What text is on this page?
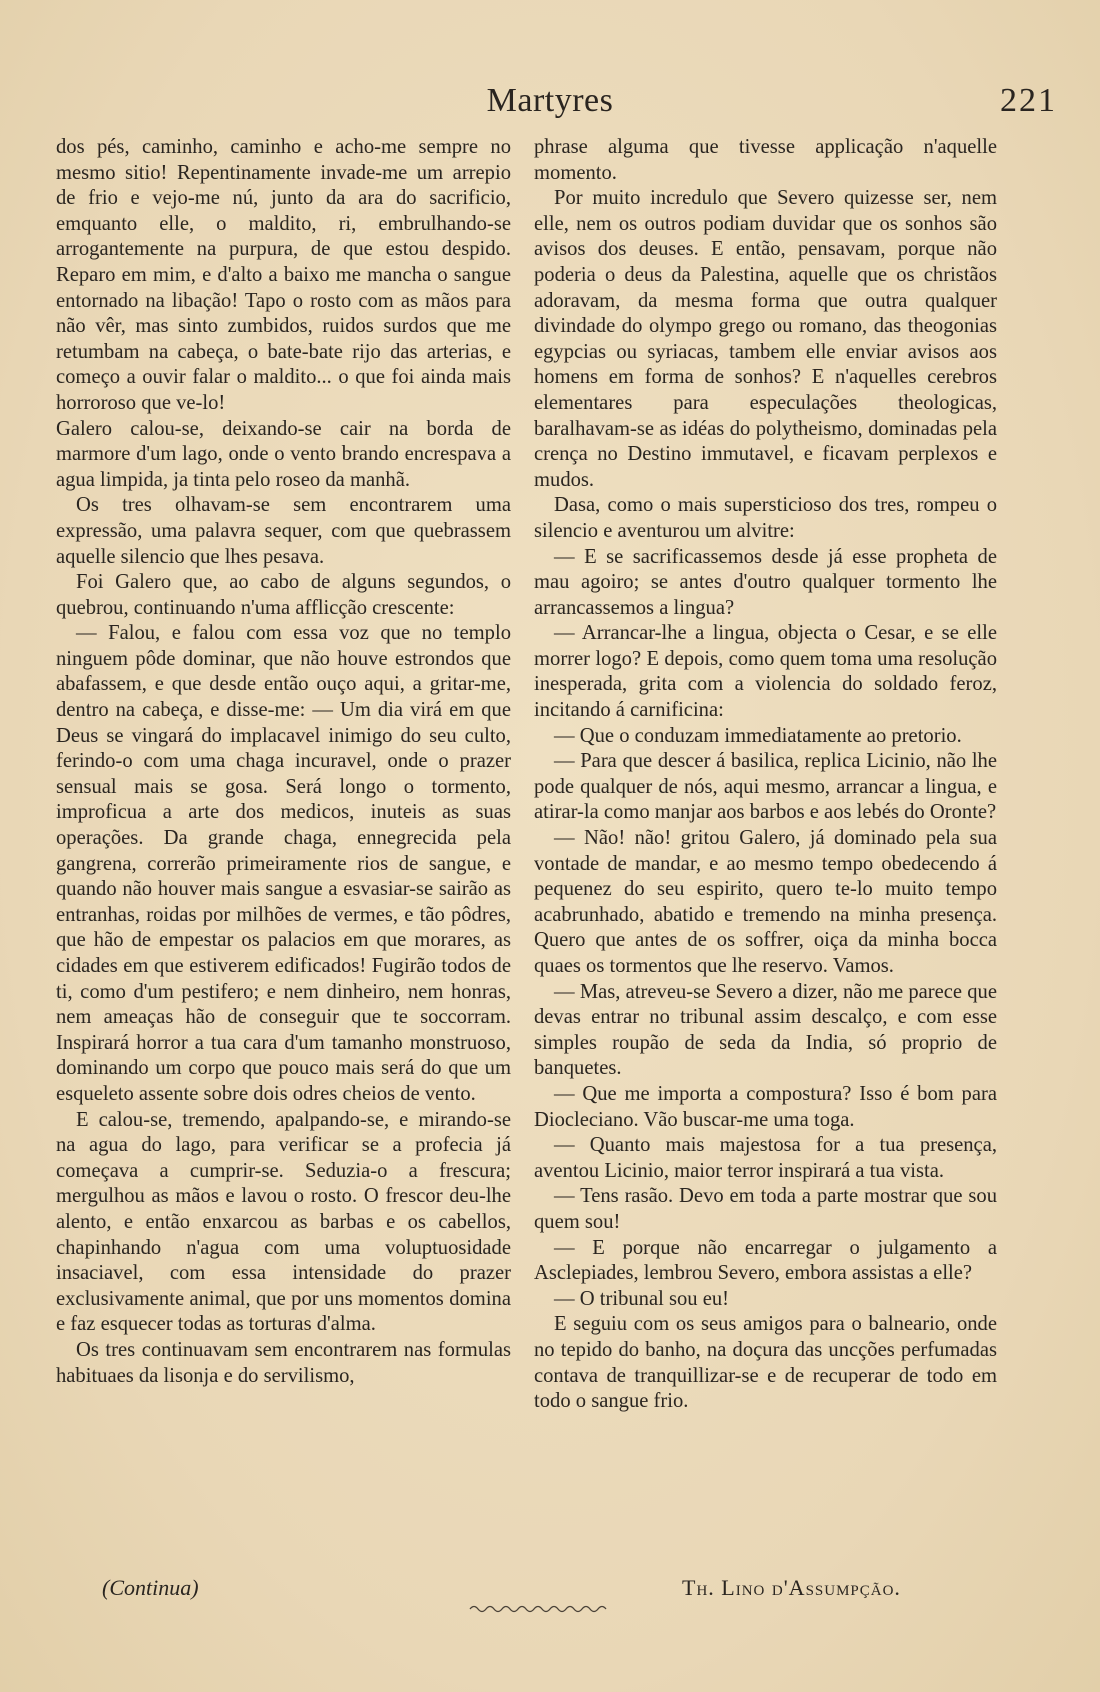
Martyres	221

dos pés, caminho, caminho e acho-me sempre no mesmo sitio! Repentinamente invade-me um arrepio de frio e vejo-me nú, junto da ara do sacrificio, emquanto elle, o maldito, ri, embrulhando-se arrogantemente na purpura, de que estou despido. Reparo em mim, e d'alto a baixo me mancha o sangue entornado na libação! Tapo o rosto com as mãos para não vêr, mas sinto zumbidos, ruidos surdos que me retumbam na cabeça, o bate-bate rijo das arterias, e começo a ouvir falar o maldito... o que foi ainda mais horroroso que ve-lo!

Galero calou-se, deixando-se cair na borda de marmore d'um lago, onde o vento brando encrespava a agua limpida, ja tinta pelo roseo da manhã.

Os tres olhavam-se sem encontrarem uma expressão, uma palavra sequer, com que quebrassem aquelle silencio que lhes pesava.

Foi Galero que, ao cabo de alguns segundos, o quebrou, continuando n'uma afflicção crescente:

— Falou, e falou com essa voz que no templo ninguem pôde dominar, que não houve estrondos que abafassem, e que desde então ouço aqui, a gritar-me, dentro na cabeça, e disse-me: — Um dia virá em que Deus se vingará do implacavel inimigo do seu culto, ferindo-o com uma chaga incuravel, onde o prazer sensual mais se gosa. Será longo o tormento, improficua a arte dos medicos, inuteis as suas operações. Da grande chaga, ennegrecida pela gangrena, correrão primeiramente rios de sangue, e quando não houver mais sangue a esvasiar-se sairão as entranhas, roidas por milhões de vermes, e tão pôdres, que hão de empestar os palacios em que morares, as cidades em que estiverem edificados! Fugirão todos de ti, como d'um pestifero; e nem dinheiro, nem honras, nem ameaças hão de conseguir que te soccorram. Inspirará horror a tua cara d'um tamanho monstruoso, dominando um corpo que pouco mais será do que um esqueleto assente sobre dois odres cheios de vento.

E calou-se, tremendo, apalpando-se, e mirando-se na agua do lago, para verificar se a profecia já começava a cumprir-se. Seduzia-o a frescura; mergulhou as mãos e lavou o rosto. O frescor deu-lhe alento, e então enxarcou as barbas e os cabellos, chapinhando n'agua com uma voluptuosidade insaciavel, com essa intensidade do prazer exclusivamente animal, que por uns momentos domina e faz esquecer todas as torturas d'alma.

Os tres continuavam sem encontrarem nas formulas habituaes da lisonja e do servilismo,

phrase alguma que tivesse applicação n'aquelle momento.

Por muito incredulo que Severo quizesse ser, nem elle, nem os outros podiam duvidar que os sonhos são avisos dos deuses. E então, pensavam, porque não poderia o deus da Palestina, aquelle que os christãos adoravam, da mesma forma que outra qualquer divindade do olympo grego ou romano, das theogonias egypcias ou syriacas, tambem elle enviar avisos aos homens em forma de sonhos? E n'aquelles cerebros elementares para especulações theologicas, baralhavam-se as idéas do polytheismo, dominadas pela crença no Destino immutavel, e ficavam perplexos e mudos.

Dasa, como o mais supersticioso dos tres, rompeu o silencio e aventurou um alvitre:

— E se sacrificassemos desde já esse propheta de mau agoiro; se antes d'outro qualquer tormento lhe arrancassemos a lingua?

— Arrancar-lhe a lingua, objecta o Cesar, e se elle morrer logo? E depois, como quem toma uma resolução inesperada, grita com a violencia do soldado feroz, incitando á carnificina:

— Que o conduzam immediatamente ao pretorio.

— Para que descer á basilica, replica Licinio, não lhe pode qualquer de nós, aqui mesmo, arrancar a lingua, e atirar-la como manjar aos barbos e aos lebés do Oronte?

— Não! não! gritou Galero, já dominado pela sua vontade de mandar, e ao mesmo tempo obedecendo á pequenez do seu espirito, quero te-lo muito tempo acabrunhado, abatido e tremendo na minha presença. Quero que antes de os soffrer, oiça da minha bocca quaes os tormentos que lhe reservo. Vamos.

— Mas, atreveu-se Severo a dizer, não me parece que devas entrar no tribunal assim descalço, e com esse simples roupão de seda da India, só proprio de banquetes.

— Que me importa a compostura? Isso é bom para Diocleciano. Vão buscar-me uma toga.

— Quanto mais majestosa for a tua presença, aventou Licinio, maior terror inspirará a tua vista.

— Tens rasão. Devo em toda a parte mostrar que sou quem sou!

— E porque não encarregar o julgamento a Asclepiades, lembrou Severo, embora assistas a elle?

— O tribunal sou eu!

E seguiu com os seus amigos para o balneario, onde no tepido do banho, na doçura das uncções perfumadas contava de tranquillizar-se e de recuperar de todo em todo o sangue frio.

(Continua)	Th. Lino d'Assumpção.
